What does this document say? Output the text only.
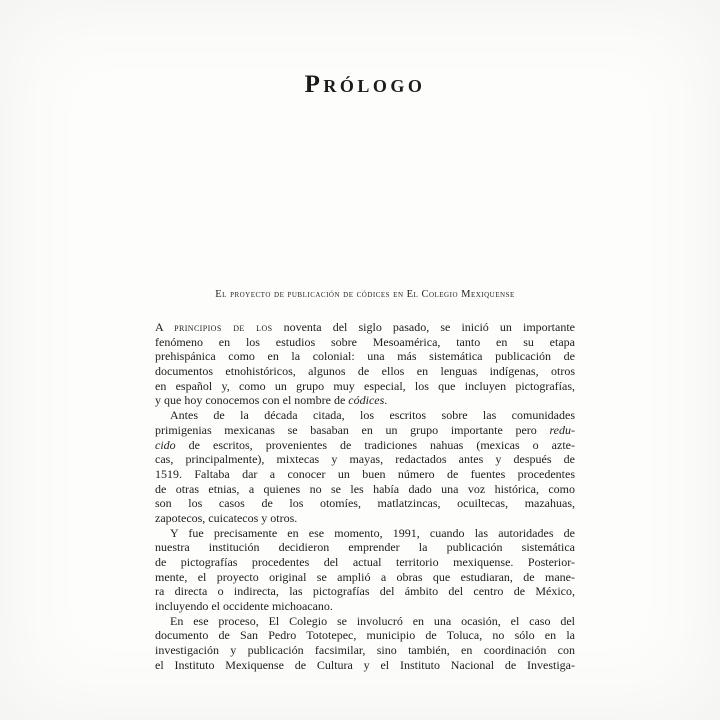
Prólogo
El proyecto de publicación de códices en El Colegio Mexiquense
A principios de los noventa del siglo pasado, se inició un importante
fenómeno en los estudios sobre Mesoamérica, tanto en su etapa
prehispánica como en la colonial: una más sistemática publicación de
documentos etnohistóricos, algunos de ellos en lenguas indígenas, otros
en español y, como un grupo muy especial, los que incluyen pictografías,
y que hoy conocemos con el nombre de códices.
Antes de la década citada, los escritos sobre las comunidades
primigenias mexicanas se basaban en un grupo importante pero redu-
cido de escritos, provenientes de tradiciones nahuas (mexicas o azte-
cas, principalmente), mixtecas y mayas, redactados antes y después de
1519. Faltaba dar a conocer un buen número de fuentes procedentes
de otras etnias, a quienes no se les había dado una voz histórica, como
son los casos de los otomíes, matlatzincas, ocuiltecas, mazahuas,
zapotecos, cuicatecos y otros.
Y fue precisamente en ese momento, 1991, cuando las autoridades de
nuestra institución decidieron emprender la publicación sistemática
de pictografías procedentes del actual territorio mexiquense. Posterior-
mente, el proyecto original se amplió a obras que estudiaran, de mane-
ra directa o indirecta, las pictografías del ámbito del centro de México,
incluyendo el occidente michoacano.
En ese proceso, El Colegio se involucró en una ocasión, el caso del
documento de San Pedro Tototepec, municipio de Toluca, no sólo en la
investigación y publicación facsimilar, sino también, en coordinación con
el Instituto Mexiquense de Cultura y el Instituto Nacional de Investiga-
